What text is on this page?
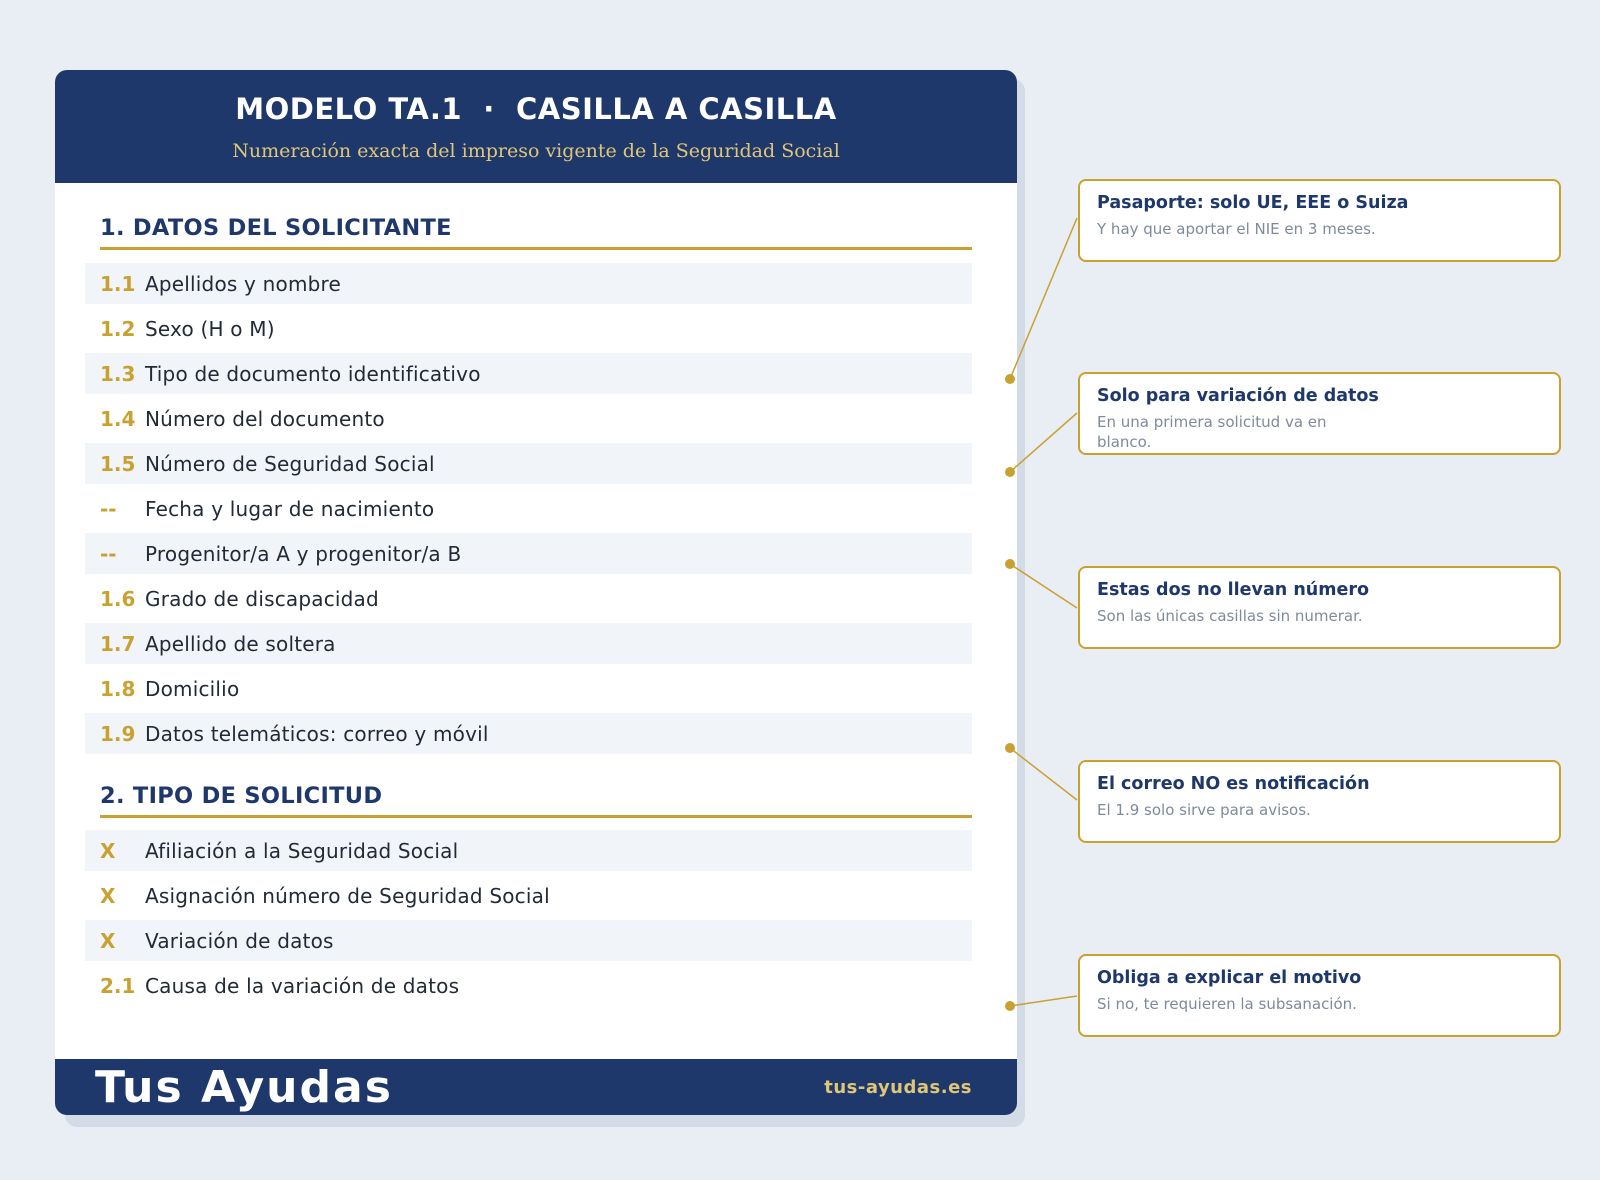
MODELO TA.1  ·  CASILLA A CASILLA
Numeración exacta del impreso vigente de la Seguridad Social
1. DATOS DEL SOLICITANTE
1.1 Apellidos y nombre
1.2 Sexo (H o M)
1.3 Tipo de documento identificativo
1.4 Número del documento
1.5 Número de Seguridad Social
--	Fecha y lugar de nacimiento
--	Progenitor/a A y progenitor/a B
1.6 Grado de discapacidad
1.7 Apellido de soltera
1.8 Domicilio
1.9 Datos telemáticos: correo y móvil
2. TIPO DE SOLICITUD
X	Afiliación a la Seguridad Social
X	Asignación número de Seguridad Social
X	Variación de datos
2.1 Causa de la variación de datos
Tus Ayudas	tus-ayudas.es
Pasaporte: solo UE, EEE o Suiza
Y hay que aportar el NIE en 3 meses.
Solo para variación de datos
En una primera solicitud va en
blanco.
Estas dos no llevan número
Son las únicas casillas sin numerar.
El correo NO es notificación
El 1.9 solo sirve para avisos.
Obliga a explicar el motivo
Si no, te requieren la subsanación.
